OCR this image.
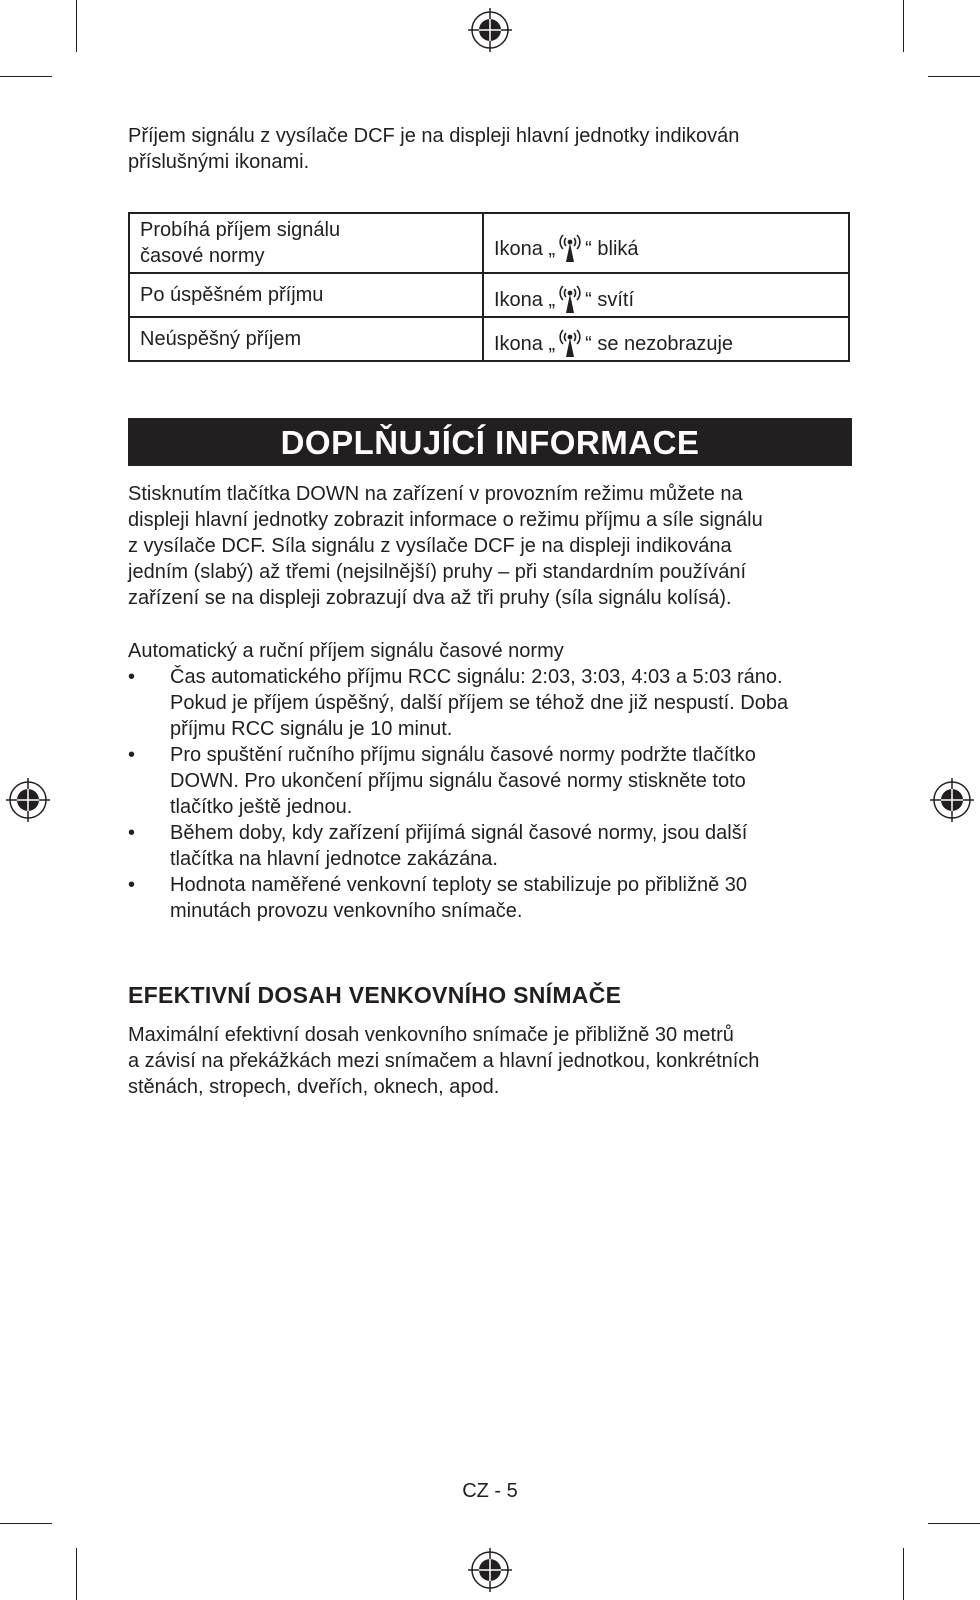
Příjem signálu z vysílače DCF je na displeji hlavní jednotky indikován
příslušnými ikonami.
Probíhá příjem signálu
časové normy	Ikona „ “ bliká

Po úspěšném příjmu	Ikona „ “ svítí

Neúspěšný příjem	Ikona „ “ se nezobrazuje
DOPLŇUJÍCÍ INFORMACE
Stisknutím tlačítka DOWN na zařízení v provozním režimu můžete na
displeji hlavní jednotky zobrazit informace o režimu příjmu a síle signálu
z vysílače DCF. Síla signálu z vysílače DCF je na displeji indikována
jedním (slabý) až třemi (nejsilnější) pruhy – při standardním používání
zařízení se na displeji zobrazují dva až tři pruhy (síla signálu kolísá).
Automatický a ruční příjem signálu časové normy
• Čas automatického příjmu RCC signálu: 2:03, 3:03, 4:03 a 5:03 ráno.
Pokud je příjem úspěšný, další příjem se téhož dne již nespustí. Doba
příjmu RCC signálu je 10 minut.
• Pro spuštění ručního příjmu signálu časové normy podržte tlačítko
DOWN. Pro ukončení příjmu signálu časové normy stiskněte toto
tlačítko ještě jednou.
• Během doby, kdy zařízení přijímá signál časové normy, jsou další
tlačítka na hlavní jednotce zakázána.
• Hodnota naměřené venkovní teploty se stabilizuje po přibližně 30
minutách provozu venkovního snímače.
EFEKTIVNÍ DOSAH VENKOVNÍHO SNÍMAČE
Maximální efektivní dosah venkovního snímače je přibližně 30 metrů
a závisí na překážkách mezi snímačem a hlavní jednotkou, konkrétních
stěnách, stropech, dveřích, oknech, apod.
CZ - 5
